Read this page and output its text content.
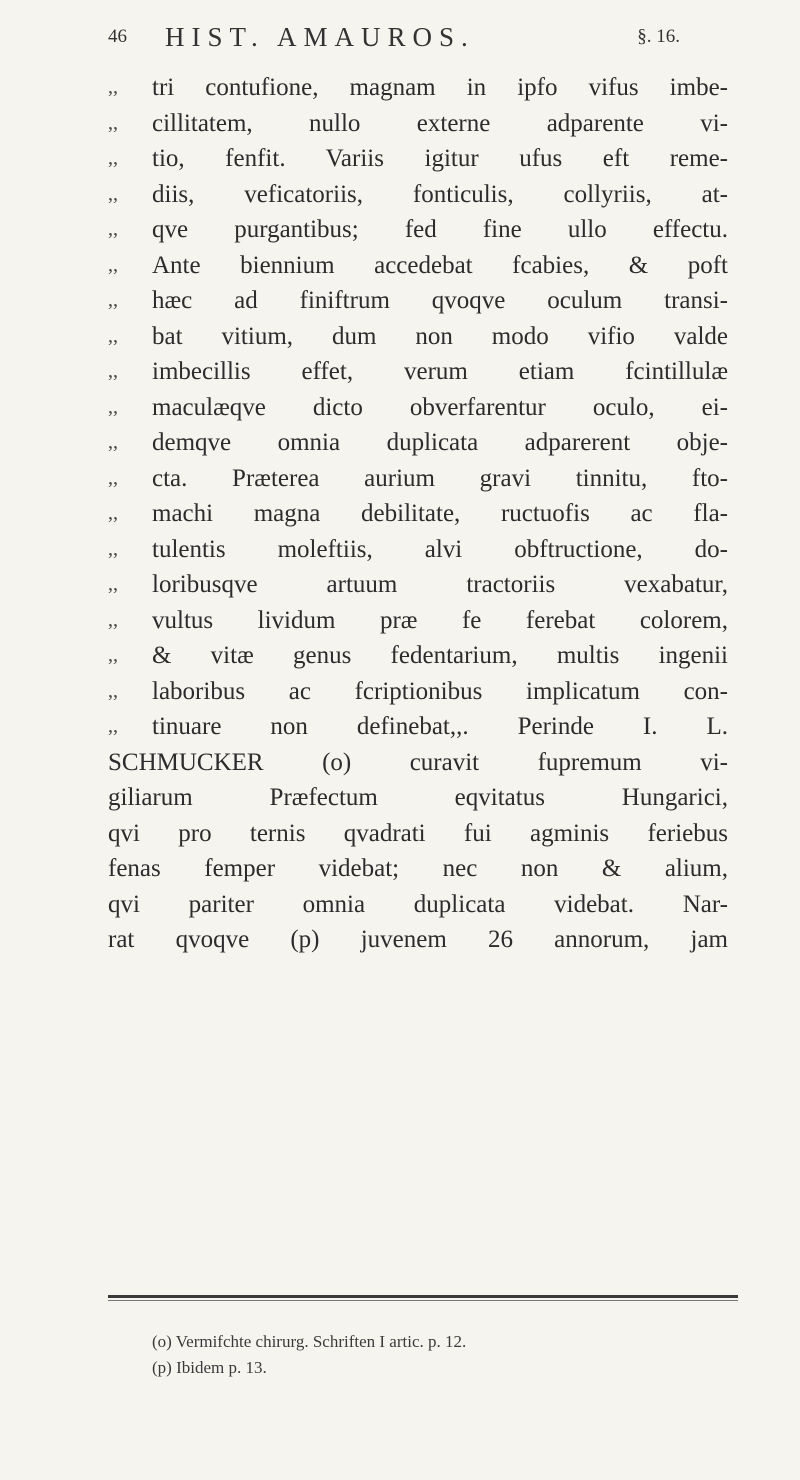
46 HIST. AMAUROS.	§. 16.
,,	tri contufione, magnam in ipfo vifus imbe-
,,	cillitatem, nullo externe adparente vi-
,,	tio, fenfit. Variis igitur ufus eft reme-
,,	diis, veficatoriis, fonticulis, collyriis, at-
,,	qve purgantibus; fed fine ullo effectu.
,,	Ante biennium accedebat fcabies, & poft
,,	hæc ad finiftrum qvoqve oculum transi-
,,	bat vitium, dum non modo vifio valde
,,	imbecillis effet, verum etiam fcintillulæ
,,	maculæqve dicto obverfarentur oculo, ei-
,,	demqve omnia duplicata adparerent obje-
,,	cta. Præterea aurium gravi tinnitu, fto-
,,	machi magna debilitate, ructuofis ac fla-
,,	tulentis moleftiis, alvi obftructione, do-
,,	loribusqve artuum tractoriis vexabatur,
,,	vultus lividum præ fe ferebat colorem,
,,	& vitæ genus fedentarium, multis ingenii
,,	laboribus ac fcriptionibus implicatum con-
,,	tinuare non definebat,,. Perinde I. L.
SCHMUCKER (o) curavit fupremum vi-
giliarum Præfectum eqvitatus Hungarici,
qvi pro ternis qvadrati fui agminis feriebus
fenas femper videbat; nec non & alium,
qvi pariter omnia duplicata videbat. Nar-
rat qvoqve (p) juvenem 26 annorum, jam
(o) Vermifchte chirurg. Schriften I artic. p. 12.
(p) Ibidem p. 13.
